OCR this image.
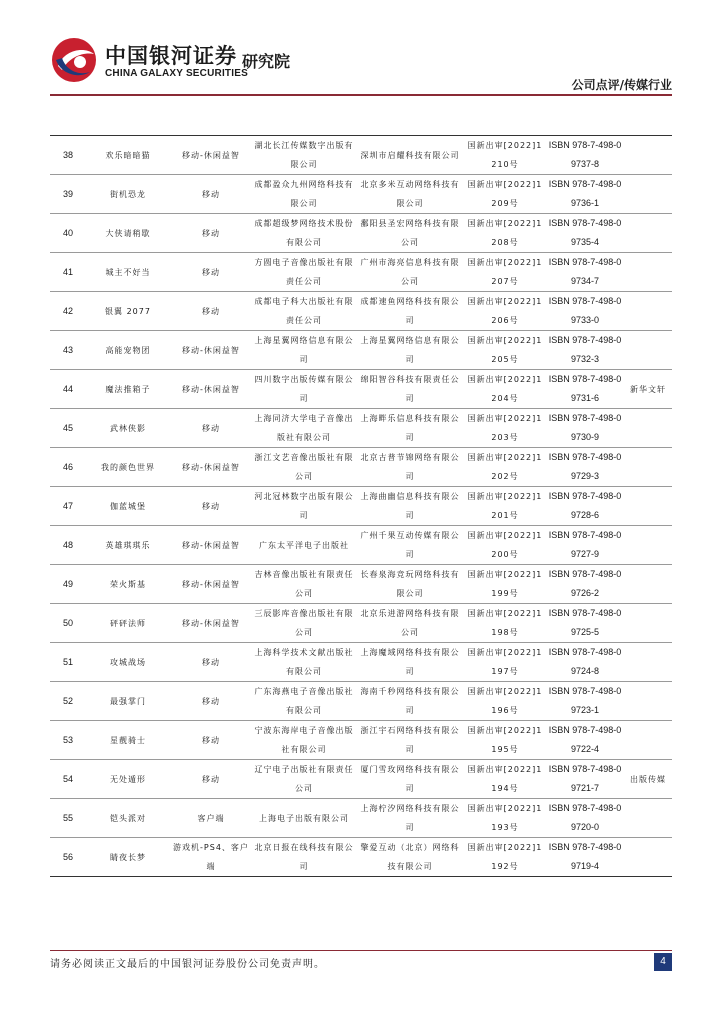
中国银河证券
CHINA GALAXY SECURITIES
研究院
公司点评/传媒行业
38	欢乐暗暗猫	移动-休闲益智	湖北长江传媒数字出版有限公司	深圳市启耀科技有限公司	国新出审[2022]1210号	ISBN 978-7-498-09737-8	
39	街机恐龙	移动	成都盈众九州网络科技有限公司	北京多米互动网络科技有限公司	国新出审[2022]1209号	ISBN 978-7-498-09736-1	
40	大侠请稍歇	移动	成都超级梦网络技术股份有限公司	鄱阳县圣宏网络科技有限公司	国新出审[2022]1208号	ISBN 978-7-498-09735-4	
41	城主不好当	移动	方圆电子音像出版社有限责任公司	广州市海亮信息科技有限公司	国新出审[2022]1207号	ISBN 978-7-498-09734-7	
42	银翼 2077	移动	成都电子科大出版社有限责任公司	成都速鱼网络科技有限公司	国新出审[2022]1206号	ISBN 978-7-498-09733-0	
43	高能宠物团	移动-休闲益智	上海星翼网络信息有限公司	上海星翼网络信息有限公司	国新出审[2022]1205号	ISBN 978-7-498-09732-3	
44	魔法推箱子	移动-休闲益智	四川数字出版传媒有限公司	绵阳智谷科技有限责任公司	国新出审[2022]1204号	ISBN 978-7-498-09731-6	新华文轩
45	武林侠影	移动	上海同济大学电子音像出版社有限公司	上海畔乐信息科技有限公司	国新出审[2022]1203号	ISBN 978-7-498-09730-9	
46	我的颜色世界	移动-休闲益智	浙江文艺音像出版社有限公司	北京古普节锦网络有限公司	国新出审[2022]1202号	ISBN 978-7-498-09729-3	
47	伽蓝城堡	移动	河北冠林数字出版有限公司	上海曲幽信息科技有限公司	国新出审[2022]1201号	ISBN 978-7-498-09728-6	
48	英雄琪琪乐	移动-休闲益智	广东太平洋电子出版社	广州千果互动传媒有限公司	国新出审[2022]1200号	ISBN 978-7-498-09727-9	
49	荣火斯基	移动-休闲益智	吉林音像出版社有限责任公司	长春泉海竞玩网络科技有限公司	国新出审[2022]1199号	ISBN 978-7-498-09726-2	
50	砰砰法师	移动-休闲益智	三辰影库音像出版社有限公司	北京乐进游网络科技有限公司	国新出审[2022]1198号	ISBN 978-7-498-09725-5	
51	攻城战场	移动	上海科学技术文献出版社有限公司	上海魔域网络科技有限公司	国新出审[2022]1197号	ISBN 978-7-498-09724-8	
52	最强掌门	移动	广东海燕电子音像出版社有限公司	海南千秒网络科技有限公司	国新出审[2022]1196号	ISBN 978-7-498-09723-1	
53	星靓骑士	移动	宁波东海岸电子音像出版社有限公司	浙江宇石网络科技有限公司	国新出审[2022]1195号	ISBN 978-7-498-09722-4	
54	无处遁形	移动	辽宁电子出版社有限责任公司	厦门雪玫网络科技有限公司	国新出审[2022]1194号	ISBN 978-7-498-09721-7	出版传媒
55	铠头派对	客户端	上海电子出版有限公司	上海柠汐网络科技有限公司	国新出审[2022]1193号	ISBN 978-7-498-09720-0	
56	睛夜长梦	游戏机-PS4、客户端	北京日报在线科技有限公司	擎爱互动（北京）网络科技有限公司	国新出审[2022]1192号	ISBN 978-7-498-09719-4	
请务必阅读正文最后的中国银河证券股份公司免责声明。	4
